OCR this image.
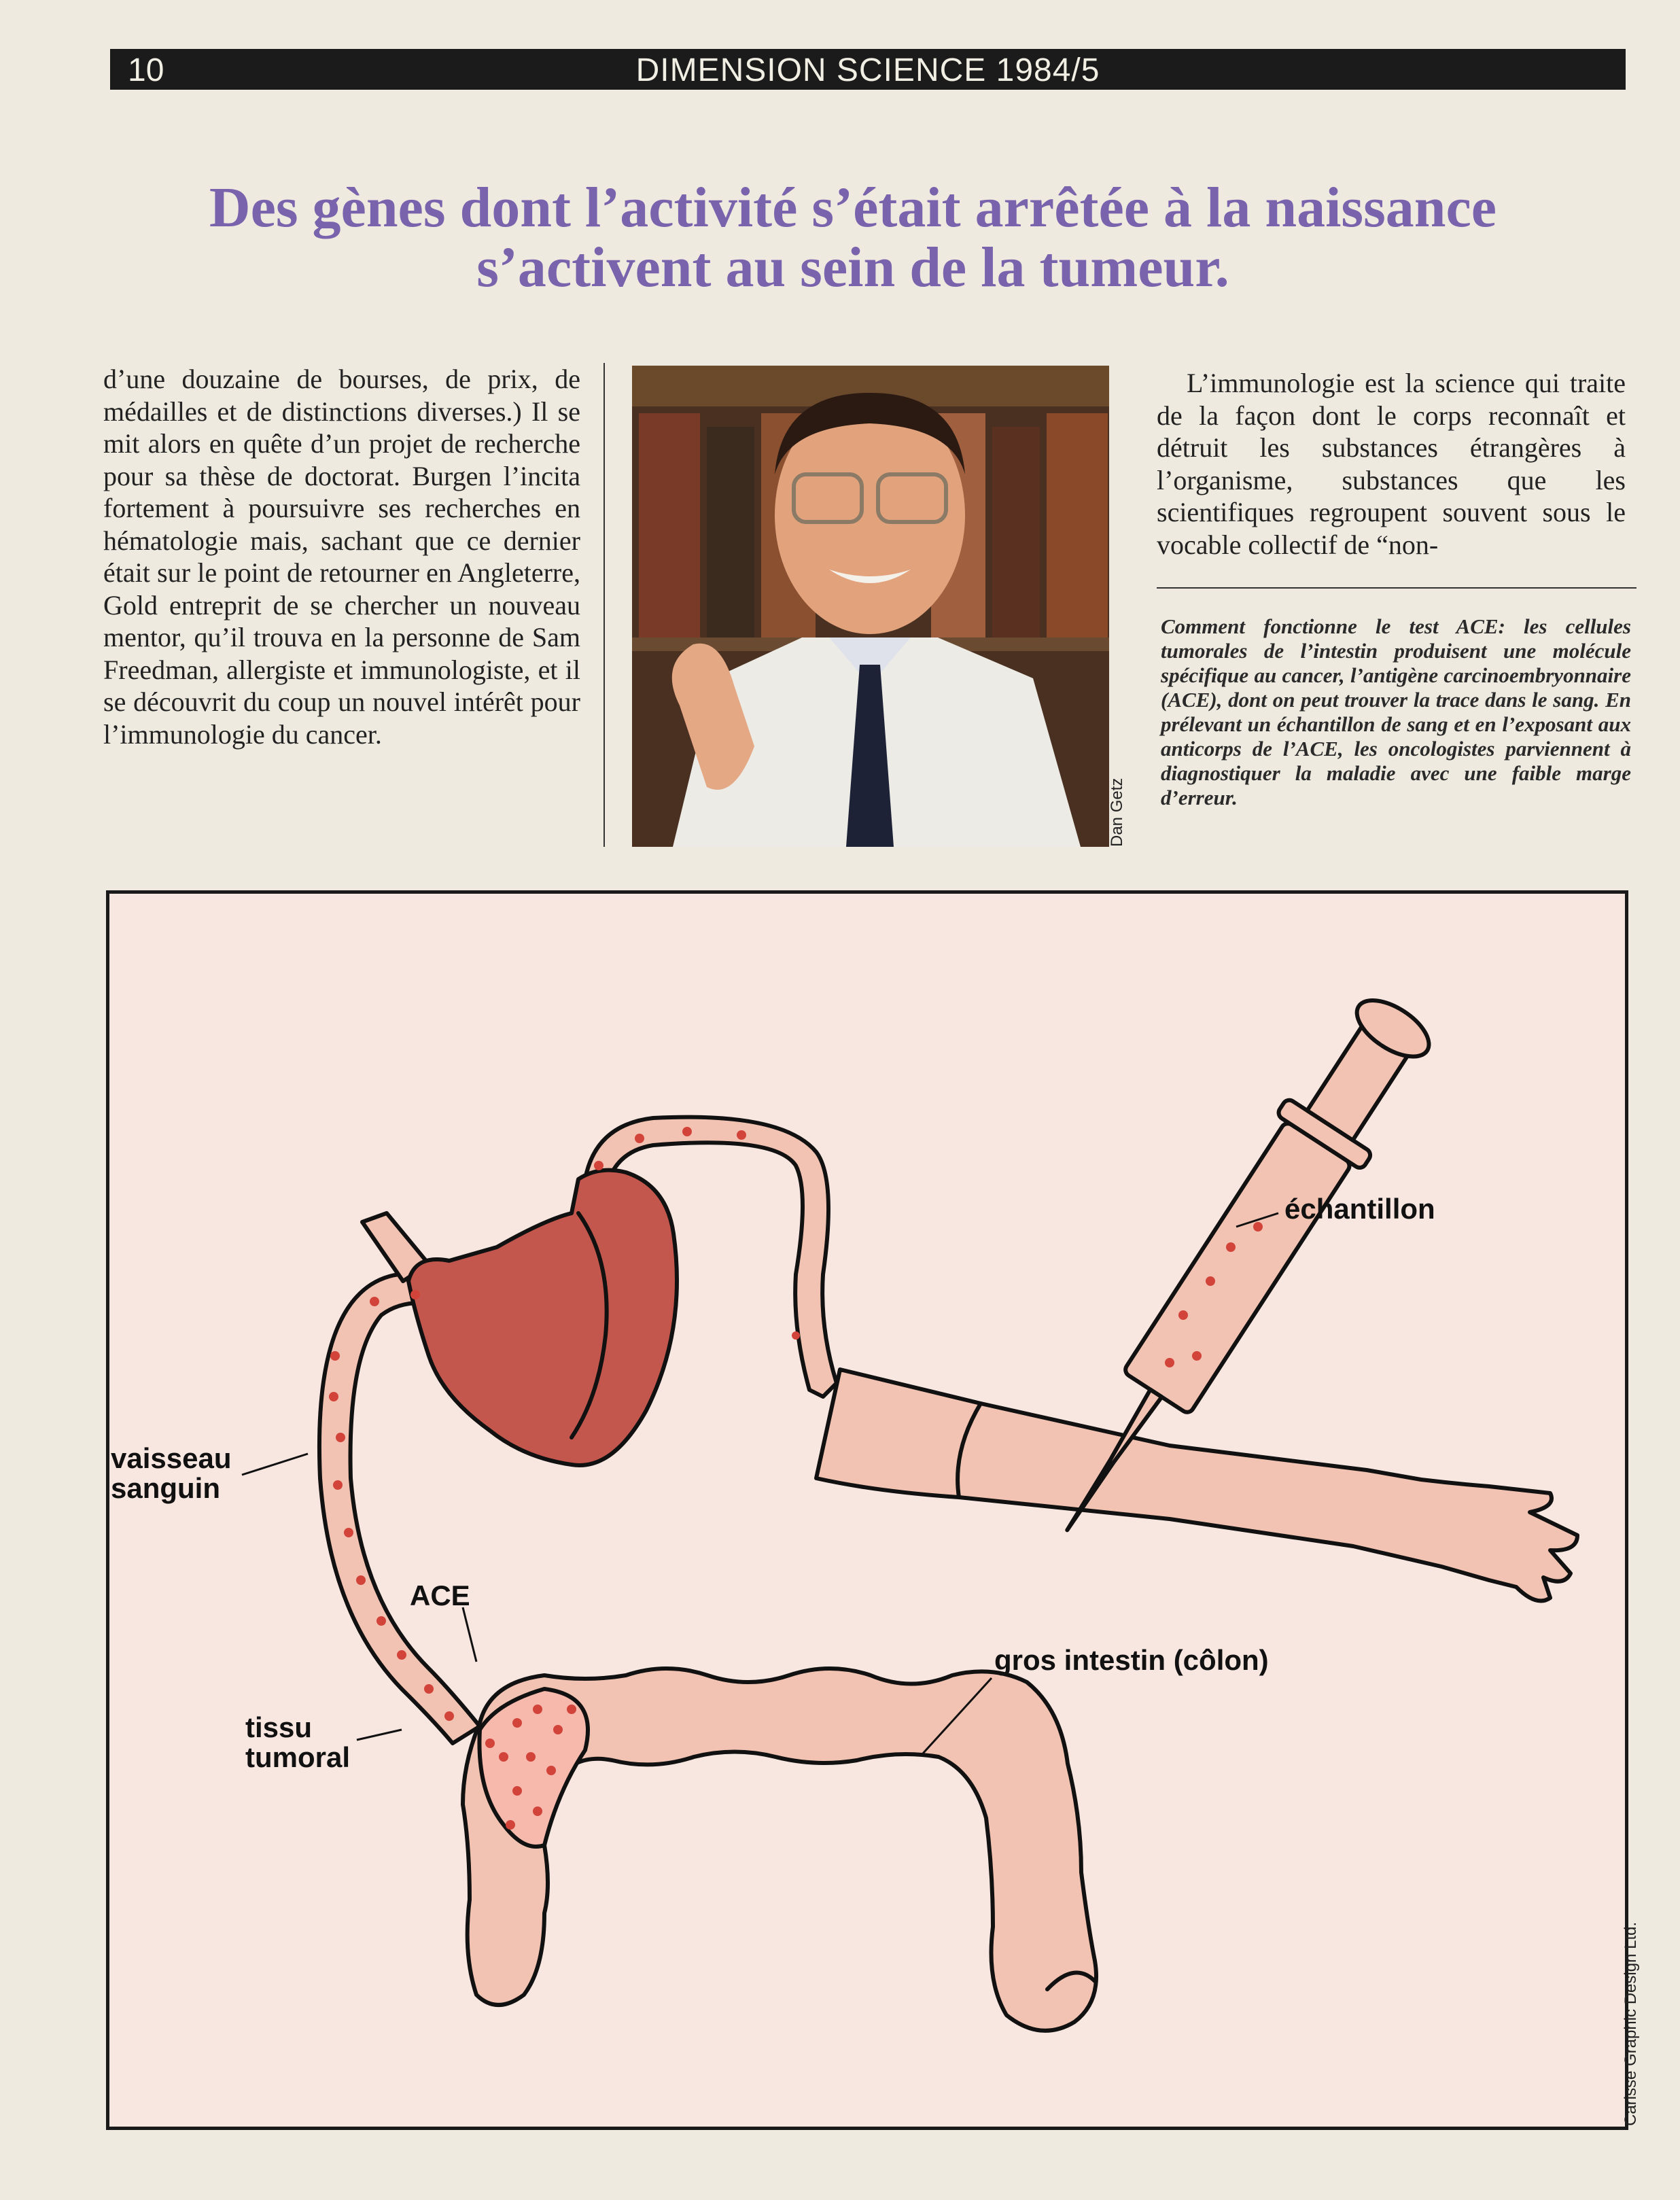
10	DIMENSION SCIENCE 1984/5
Des gènes dont l’activité s’était arrêtée à la naissance
s’activent au sein de la tumeur.

d’une douzaine de bourses, de prix, de médailles et de distinctions diverses.) Il se mit alors en quête d’un projet de recherche pour sa thèse de doctorat. Burgen l’incita fortement à poursuivre ses recherches en hématologie mais, sachant que ce dernier était sur le point de retourner en Angleterre, Gold entreprit de se chercher un nouveau mentor, qu’il trouva en la personne de Sam Freedman, allergiste et immunologiste, et il se découvrit du coup un nouvel intérêt pour l’immunologie du cancer.

Dan Getz

L’immunologie est la science qui traite de la façon dont le corps reconnaît et détruit les substances étrangères à l’organisme, substances que les scientifiques regroupent souvent sous le vocable collectif de “non-

Comment fonctionne le test ACE: les cellules tumorales de l’intestin produisent une molécule spécifique au cancer, l’antigène carcinoembryonnaire (ACE), dont on peut trouver la trace dans le sang. En prélevant un échantillon de sang et en l’exposant aux anticorps de l’ACE, les oncologistes parviennent à diagnostiquer la maladie avec une faible marge d’erreur.
échantillon
vaisseau
sanguin
ACE
tissu
tumoral
gros intestin (côlon)
Carisse Graphic Design Ltd.
